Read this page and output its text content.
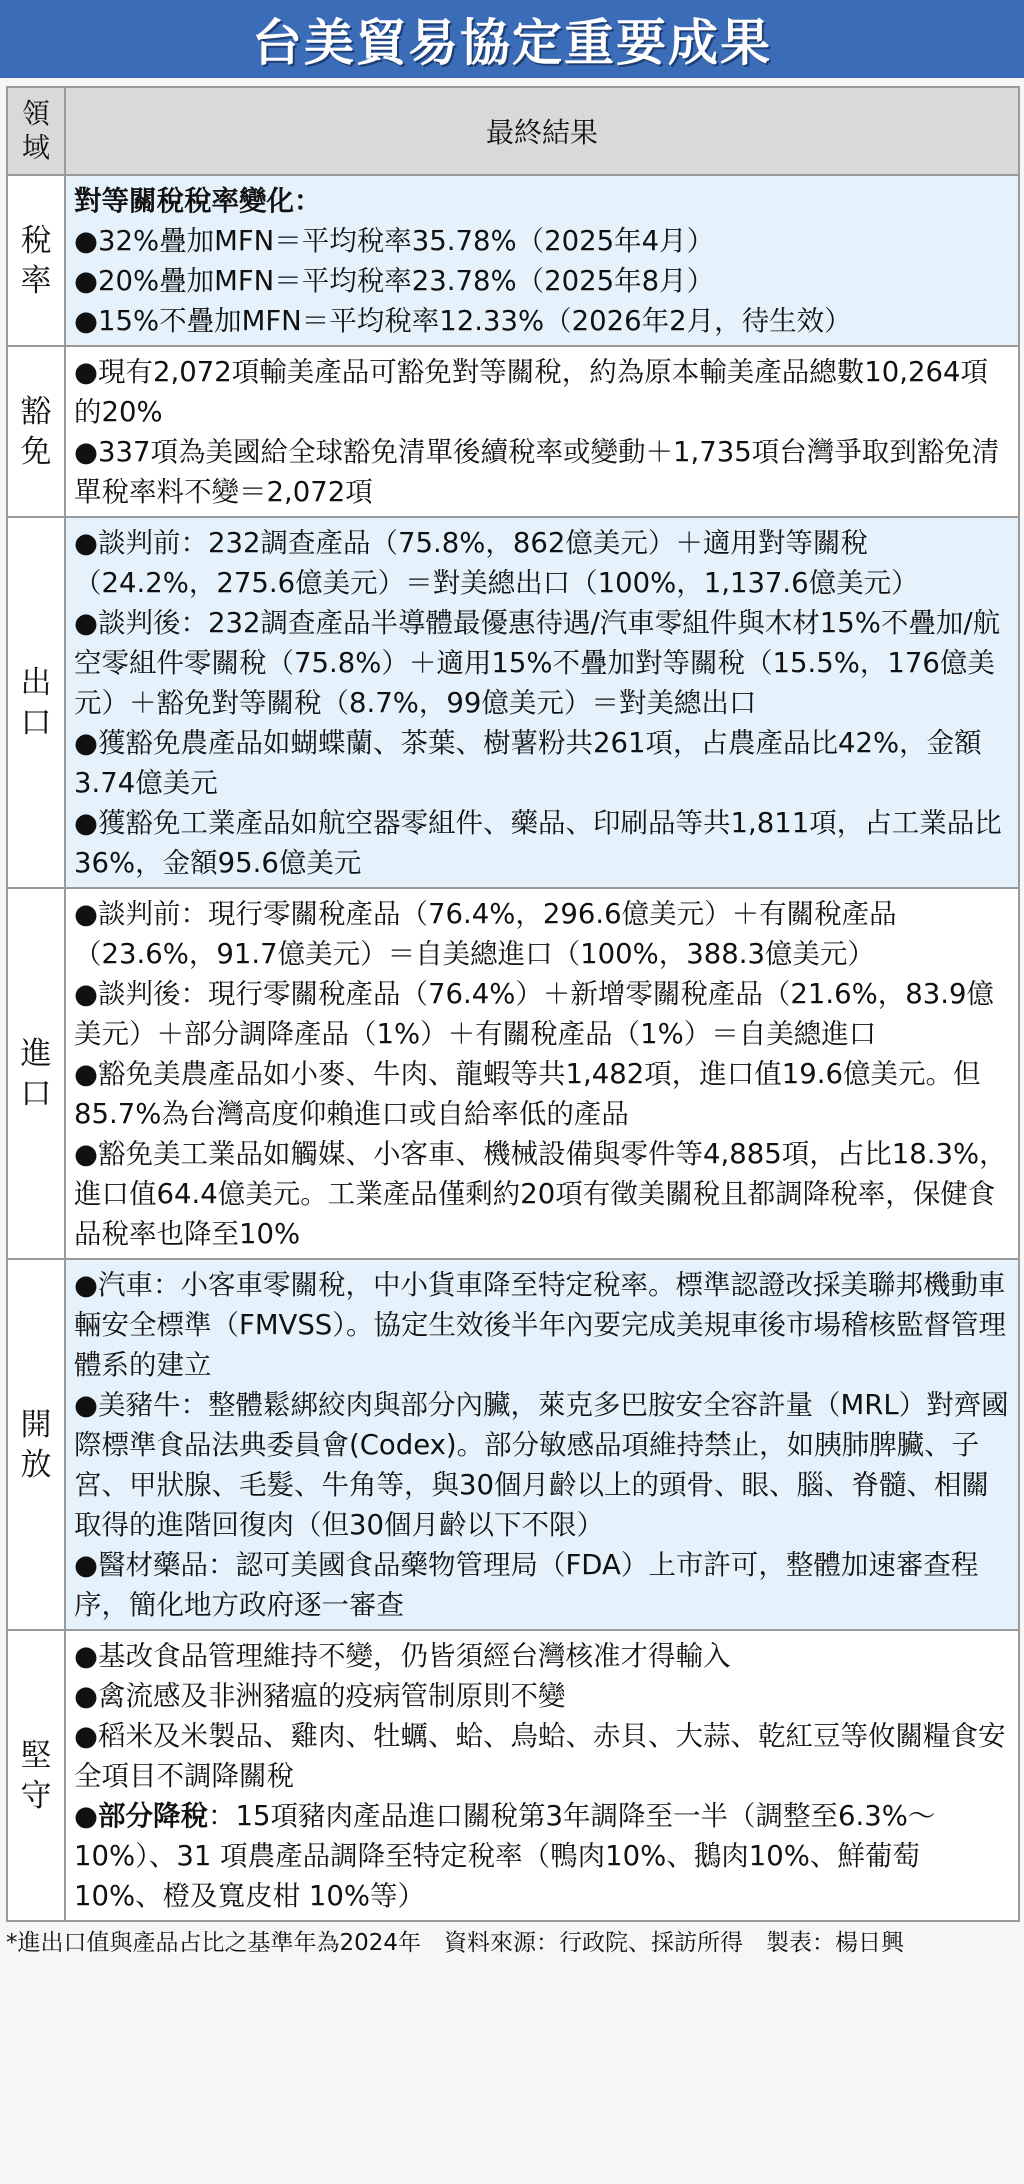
台美貿易協定重要成果
領域	最終結果

稅率	對等關稅稅率變化：
●32%疊加MFN＝平均稅率35.78%（2025年4月）
●20%疊加MFN＝平均稅率23.78%（2025年8月）
●15%不疊加MFN＝平均稅率12.33%（2026年2月，待生效）

豁免	●現有2,072項輸美產品可豁免對等關稅，約為原本輸美產品總數10,264項的20%
●337項為美國給全球豁免清單後續稅率或變動＋1,735項台灣爭取到豁免清單稅率料不變＝2,072項

出口	●談判前：232調查產品（75.8%，862億美元）＋適用對等關稅（24.2%，275.6億美元）＝對美總出口（100%，1,137.6億美元）
●談判後：232調查產品半導體最優惠待遇/汽車零組件與木材15%不疊加/航空零組件零關稅（75.8%）＋適用15%不疊加對等關稅（15.5%，176億美元）＋豁免對等關稅（8.7%，99億美元）＝對美總出口
●獲豁免農產品如蝴蝶蘭、茶葉、樹薯粉共261項，占農產品比42%，金額3.74億美元
●獲豁免工業產品如航空器零組件、藥品、印刷品等共1,811項，占工業品比36%，金額95.6億美元

進口	●談判前：現行零關稅產品（76.4%，296.6億美元）＋有關稅產品（23.6%，91.7億美元）＝自美總進口（100%，388.3億美元）
●談判後：現行零關稅產品（76.4%）＋新增零關稅產品（21.6%，83.9億美元）＋部分調降產品（1%）＋有關稅產品（1%）＝自美總進口
●豁免美農產品如小麥、牛肉、龍蝦等共1,482項，進口值19.6億美元。但85.7%為台灣高度仰賴進口或自給率低的產品
●豁免美工業品如觸媒、小客車、機械設備與零件等4,885項，占比18.3%，進口值64.4億美元。工業產品僅剩約20項有徵美關稅且都調降稅率，保健食品稅率也降至10%

開放	●汽車：小客車零關稅，中小貨車降至特定稅率。標準認證改採美聯邦機動車輛安全標準（FMVSS）。協定生效後半年內要完成美規車後市場稽核監督管理體系的建立
●美豬牛：整體鬆綁絞肉與部分內臟，萊克多巴胺安全容許量（MRL）對齊國際標準食品法典委員會(Codex)。部分敏感品項維持禁止，如胰肺脾臟、子宮、甲狀腺、毛髮、牛角等，與30個月齡以上的頭骨、眼、腦、脊髓、相關取得的進階回復肉（但30個月齡以下不限）
●醫材藥品：認可美國食品藥物管理局（FDA）上市許可，整體加速審查程序，簡化地方政府逐一審查

堅守	●基改食品管理維持不變，仍皆須經台灣核准才得輸入
●禽流感及非洲豬瘟的疫病管制原則不變
●稻米及米製品、雞肉、牡蠣、蛤、鳥蛤、赤貝、大蒜、乾紅豆等攸關糧食安全項目不調降關稅
●部分降稅：15項豬肉產品進口關稅第3年調降至一半（調整至6.3%～10%）、31 項農產品調降至特定稅率（鴨肉10%、鵝肉10%、鮮葡萄 10%、橙及寬皮柑 10%等）
*進出口值與產品占比之基準年為2024年　資料來源：行政院、採訪所得　製表：楊日興
